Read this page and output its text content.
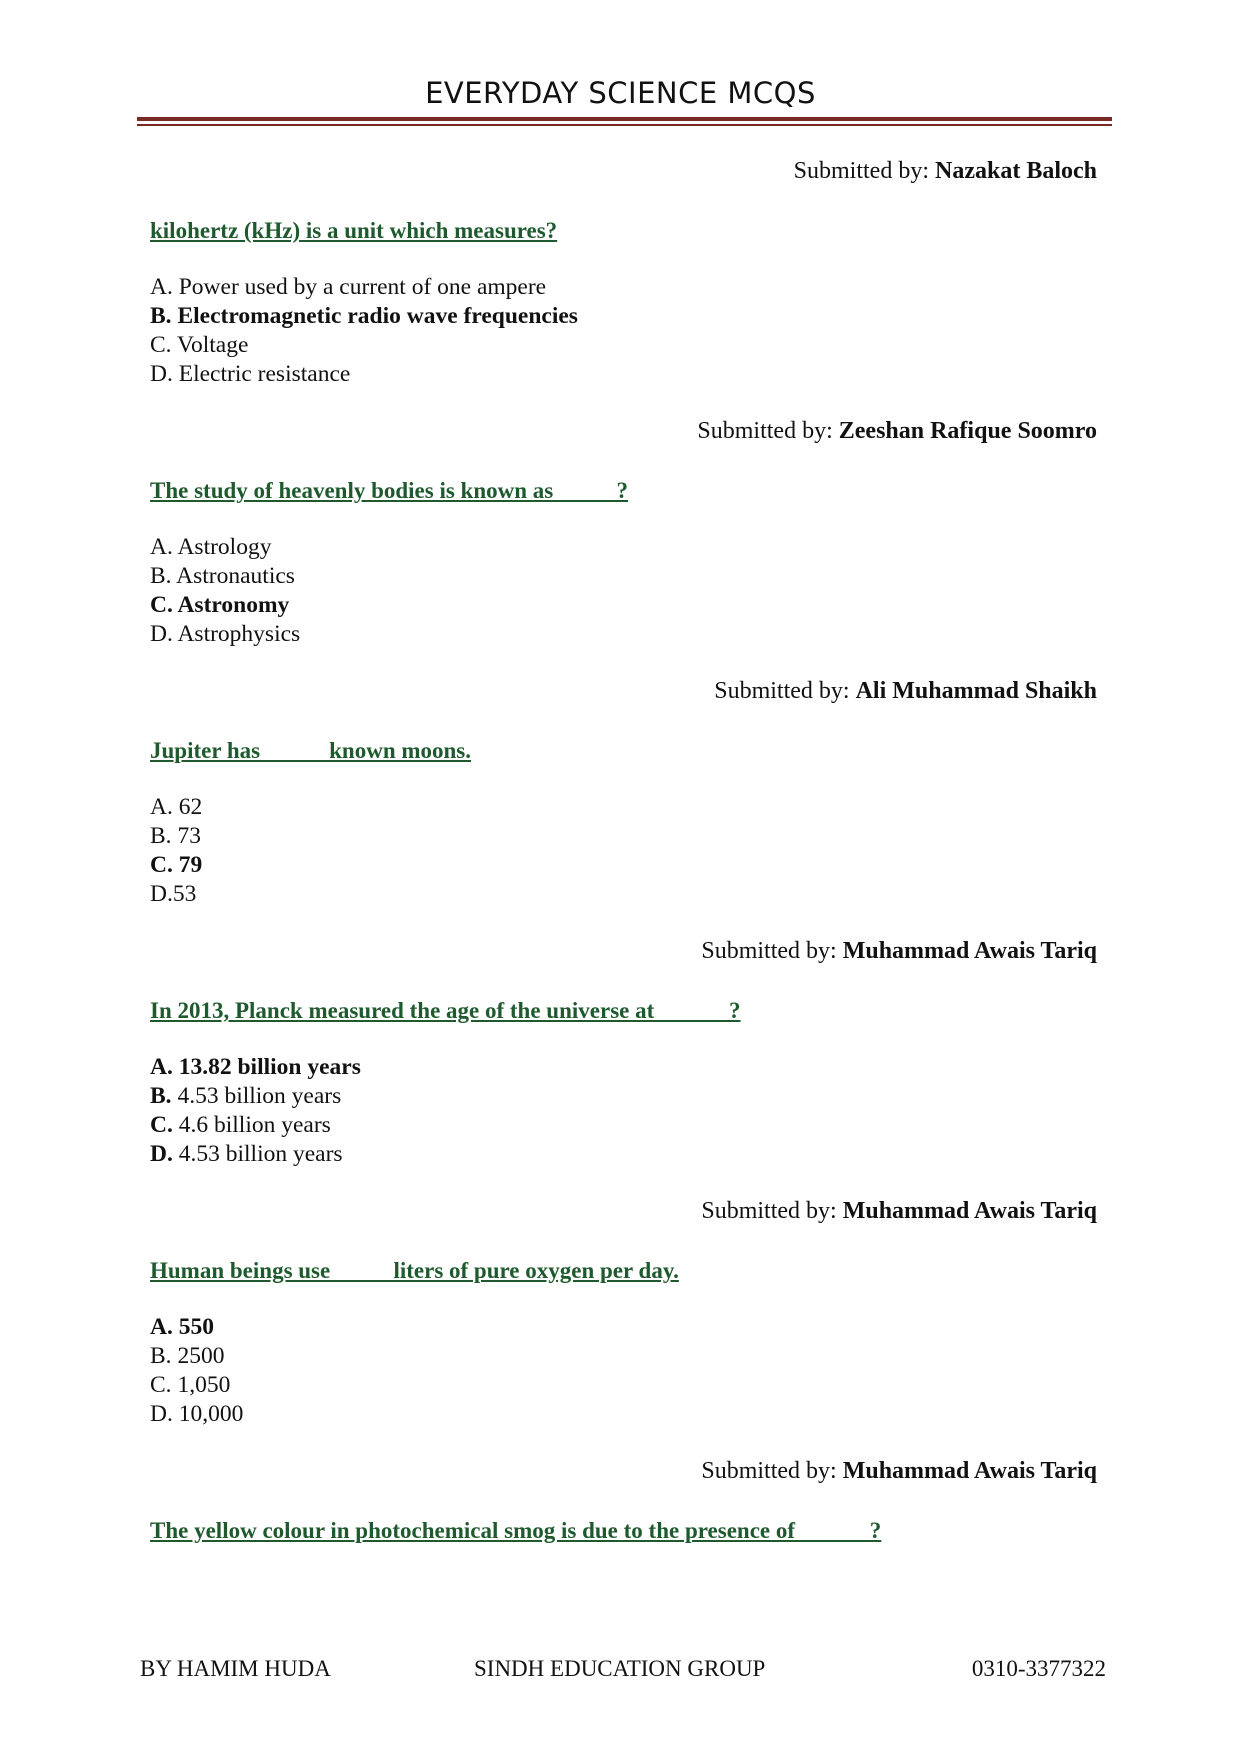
EVERYDAY SCIENCE MCQS
Submitted by: Nazakat Baloch
kilohertz (kHz) is a unit which measures?
A. Power used by a current of one ampere
B. Electromagnetic radio wave frequencies
C. Voltage
D. Electric resistance
Submitted by: Zeeshan Rafique Soomro
The study of heavenly bodies is known as           ?
A. Astrology
B. Astronautics
C. Astronomy
D. Astrophysics
Submitted by: Ali Muhammad Shaikh
Jupiter has            known moons.
A. 62
B. 73
C. 79
D.53
Submitted by: Muhammad Awais Tariq
In 2013, Planck measured the age of the universe at             ?
A. 13.82 billion years
B. 4.53 billion years
C. 4.6 billion years
D. 4.53 billion years
Submitted by: Muhammad Awais Tariq
Human beings use           liters of pure oxygen per day.
A. 550
B. 2500
C. 1,050
D. 10,000
Submitted by: Muhammad Awais Tariq
The yellow colour in photochemical smog is due to the presence of             ?
BY HAMIM HUDA	SINDH EDUCATION GROUP	0310-3377322
